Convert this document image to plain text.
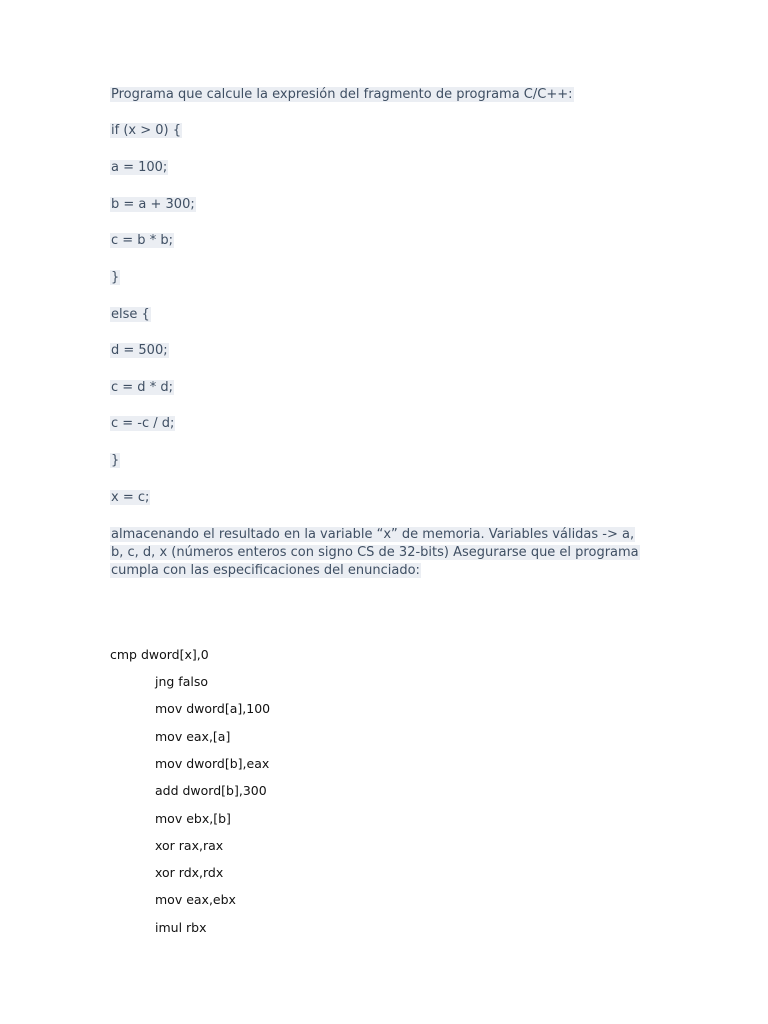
Programa que calcule la expresión del fragmento de programa C/C++:
if (x > 0) {
a = 100;
b = a + 300;
c = b * b;
}
else {
d = 500;
c = d * d;
c = -c / d;
}
x = c;
almacenando el resultado en la variable “x” de memoria. Variables válidas -> a, b, c, d, x (números enteros con signo CS de 32-bits) Asegurarse que el programa cumpla con las especificaciones del enunciado:
cmp dword[x],0
jng falso
mov dword[a],100
mov eax,[a]
mov dword[b],eax
add dword[b],300
mov ebx,[b]
xor rax,rax
xor rdx,rdx
mov eax,ebx
imul rbx
